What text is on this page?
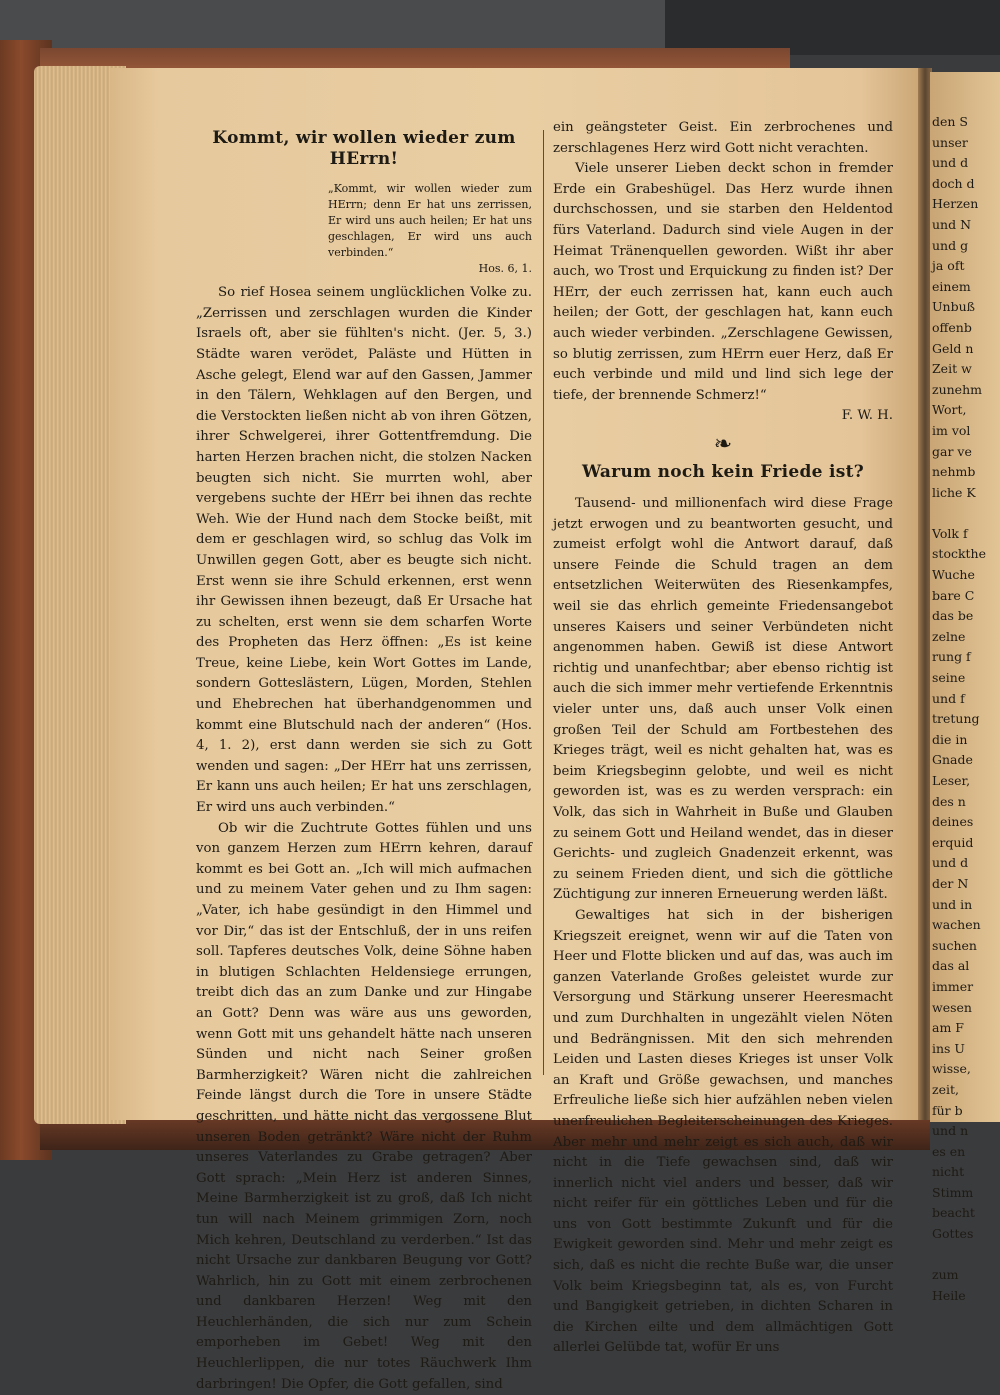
den S
unser
und d
doch d
Herzen
und N
und g
ja oft
einem
Unbuß
offenb
Geld n
Zeit w
zunehm
Wort,
im vol
gar ve
nehmb
liche K

Volk f
stockthe
Wuche
bare C
das be
zelne
rung f
seine
und f
tretung
die in
Gnade
Leser,
des n
deines
erquid
und d
der N
und in
wachen
suchen
das al
immer
wesen
am F
ins U
wisse,
zeit,
für b
und n
es en
nicht
Stimm
beacht
Gottes

zum
Heile
Kommt, wir wollen wieder zum HErrn!
„Kommt, wir wollen wieder zum HErrn; denn Er hat uns zerrissen, Er wird uns auch heilen; Er hat uns geschlagen, Er wird uns auch verbinden.“
Hos. 6, 1.

So rief Hosea seinem unglücklichen Volke zu. „Zerrissen und zerschlagen wurden die Kinder Israels oft, aber sie fühlten's nicht. (Jer. 5, 3.) Städte waren verödet, Paläste und Hütten in Asche gelegt, Elend war auf den Gassen, Jammer in den Tälern, Wehklagen auf den Bergen, und die Verstockten ließen nicht ab von ihren Götzen, ihrer Schwelgerei, ihrer Gottentfremdung. Die harten Herzen brachen nicht, die stolzen Nacken beugten sich nicht. Sie murrten wohl, aber vergebens suchte der HErr bei ihnen das rechte Weh. Wie der Hund nach dem Stocke beißt, mit dem er geschlagen wird, so schlug das Volk im Unwillen gegen Gott, aber es beugte sich nicht. Erst wenn sie ihre Schuld erkennen, erst wenn ihr Gewissen ihnen bezeugt, daß Er Ursache hat zu schelten, erst wenn sie dem scharfen Worte des Propheten das Herz öffnen: „Es ist keine Treue, keine Liebe, kein Wort Gottes im Lande, sondern Gotteslästern, Lügen, Morden, Stehlen und Ehebrechen hat überhandgenommen und kommt eine Blutschuld nach der anderen“ (Hos. 4, 1. 2), erst dann werden sie sich zu Gott wenden und sagen: „Der HErr hat uns zerrissen, Er kann uns auch heilen; Er hat uns zerschlagen, Er wird uns auch verbinden.“

Ob wir die Zuchtrute Gottes fühlen und uns von ganzem Herzen zum HErrn kehren, darauf kommt es bei Gott an. „Ich will mich aufmachen und zu meinem Vater gehen und zu Ihm sagen: „Vater, ich habe gesündigt in den Himmel und vor Dir,“ das ist der Entschluß, der in uns reifen soll. Tapferes deutsches Volk, deine Söhne haben in blutigen Schlachten Heldensiege errungen, treibt dich das an zum Danke und zur Hingabe an Gott? Denn was wäre aus uns geworden, wenn Gott mit uns gehandelt hätte nach unseren Sünden und nicht nach Seiner großen Barmherzigkeit? Wären nicht die zahlreichen Feinde längst durch die Tore in unsere Städte geschritten, und hätte nicht das vergossene Blut unseren Boden getränkt? Wäre nicht der Ruhm unseres Vaterlandes zu Grabe getragen? Aber Gott sprach: „Mein Herz ist anderen Sinnes, Meine Barmherzigkeit ist zu groß, daß Ich nicht tun will nach Meinem grimmigen Zorn, noch Mich kehren, Deutschland zu verderben.“ Ist das nicht Ursache zur dankbaren Beugung vor Gott? Wahrlich, hin zu Gott mit einem zerbrochenen und dankbaren Herzen! Weg mit den Heuchlerhänden, die sich nur zum Schein emporheben im Gebet! Weg mit den Heuchlerlippen, die nur totes Räuchwerk Ihm darbringen! Die Opfer, die Gott gefallen, sind

ein geängsteter Geist. Ein zerbrochenes und zerschlagenes Herz wird Gott nicht verachten.

Viele unserer Lieben deckt schon in fremder Erde ein Grabeshügel. Das Herz wurde ihnen durchschossen, und sie starben den Heldentod fürs Vaterland. Dadurch sind viele Augen in der Heimat Tränenquellen geworden. Wißt ihr aber auch, wo Trost und Erquickung zu finden ist? Der HErr, der euch zerrissen hat, kann euch auch heilen; der Gott, der geschlagen hat, kann euch auch wieder verbinden. „Zerschlagene Gewissen, so blutig zerrissen, zum HErrn euer Herz, daß Er euch verbinde und mild und lind sich lege der tiefe, der brennende Schmerz!“

F. W. H.
❧
Warum noch kein Friede ist?

Tausend- und millionenfach wird diese Frage jetzt erwogen und zu beantworten gesucht, und zumeist erfolgt wohl die Antwort darauf, daß unsere Feinde die Schuld tragen an dem entsetzlichen Weiterwüten des Riesenkampfes, weil sie das ehrlich gemeinte Friedensangebot unseres Kaisers und seiner Verbündeten nicht angenommen haben. Gewiß ist diese Antwort richtig und unanfechtbar; aber ebenso richtig ist auch die sich immer mehr vertiefende Erkenntnis vieler unter uns, daß auch unser Volk einen großen Teil der Schuld am Fortbestehen des Krieges trägt, weil es nicht gehalten hat, was es beim Kriegsbeginn gelobte, und weil es nicht geworden ist, was es zu werden versprach: ein Volk, das sich in Wahrheit in Buße und Glauben zu seinem Gott und Heiland wendet, das in dieser Gerichts- und zugleich Gnadenzeit erkennt, was zu seinem Frieden dient, und sich die göttliche Züchtigung zur inneren Erneuerung werden läßt.

Gewaltiges hat sich in der bisherigen Kriegszeit ereignet, wenn wir auf die Taten von Heer und Flotte blicken und auf das, was auch im ganzen Vaterlande Großes geleistet wurde zur Versorgung und Stärkung unserer Heeresmacht und zum Durchhalten in ungezählt vielen Nöten und Bedrängnissen. Mit den sich mehrenden Leiden und Lasten dieses Krieges ist unser Volk an Kraft und Größe gewachsen, und manches Erfreuliche ließe sich hier aufzählen neben vielen unerfreulichen Begleiterscheinungen des Krieges. Aber mehr und mehr zeigt es sich auch, daß wir nicht in die Tiefe gewachsen sind, daß wir innerlich nicht viel anders und besser, daß wir nicht reifer für ein göttliches Leben und für die uns von Gott bestimmte Zukunft und für die Ewigkeit geworden sind. Mehr und mehr zeigt es sich, daß es nicht die rechte Buße war, die unser Volk beim Kriegsbeginn tat, als es, von Furcht und Bangigkeit getrieben, in dichten Scharen in die Kirchen eilte und dem allmächtigen Gott allerlei Gelübde tat, wofür Er uns
